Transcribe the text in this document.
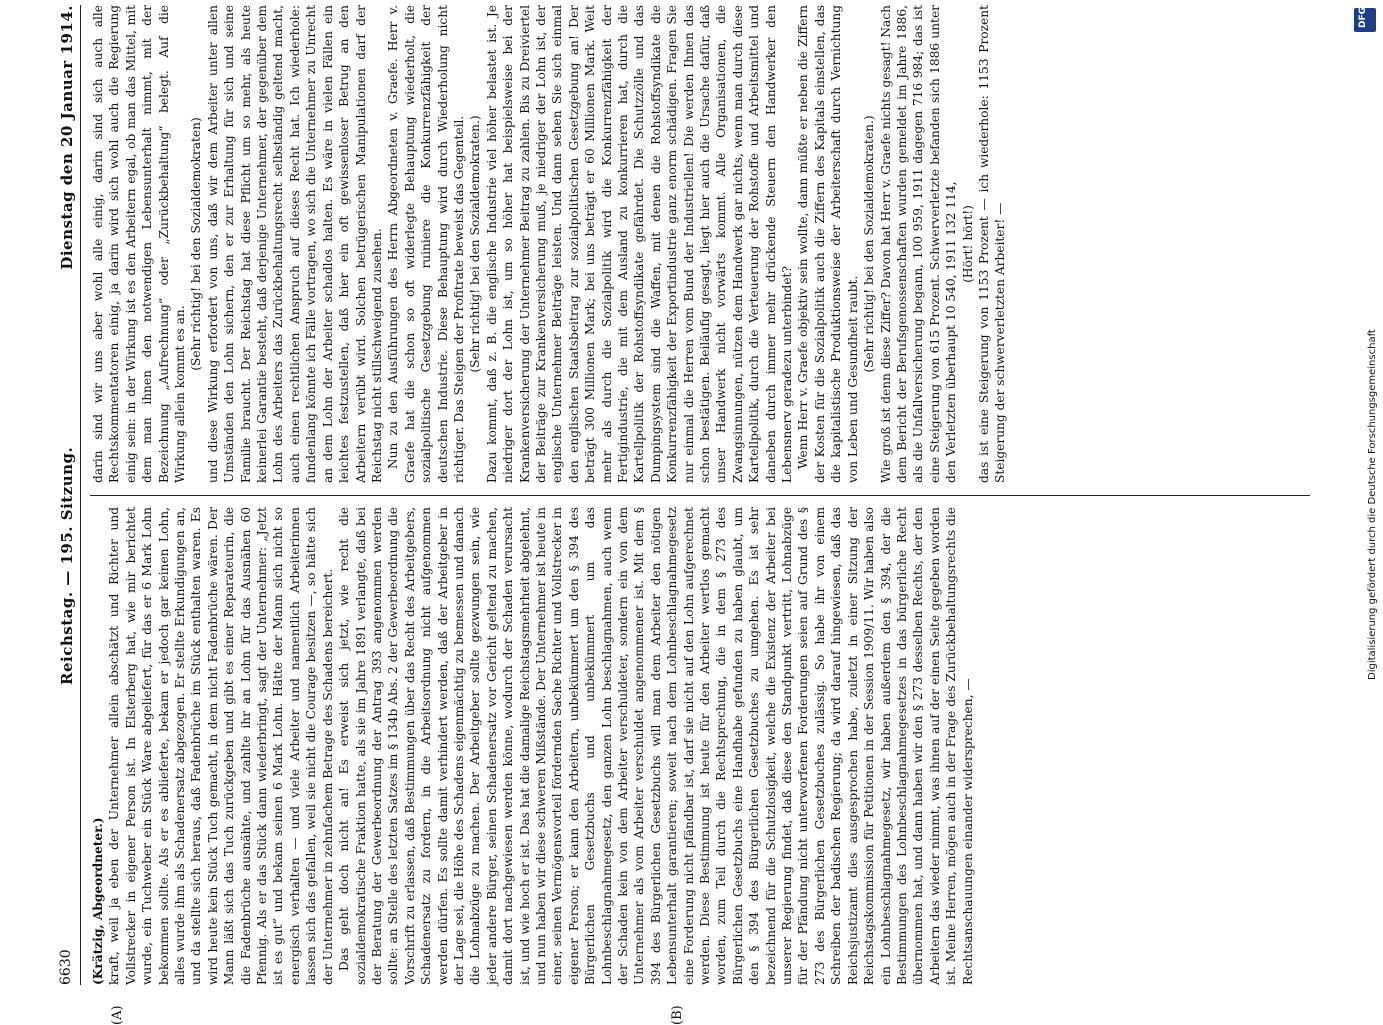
6630
Reichstag. — 195. Sitzung.
Dienstag den 20 Januar 1914.

(Krätzig, Abgeordneter.) kraft, weil ja eben der Unternehmer allein abschätzt und Richter und Vollstrecker in eigener Person ist. In Elsterberg hat, wie mir berichtet wurde, ein Tuchweber ein Stück Ware abgeliefert, für das er 6 Mark Lohn bekommen sollte. Als er es ablieferte, bekam er jedoch gar keinen Lohn, alles wurde ihm als Schadenersatz abgezogen. Er stellte Erkundigungen an, und da stellte sich heraus, daß Fadenbrüche im Stück enthalten waren. Es wird heute kein Stück Tuch gemacht, in dem nicht Fadenbrüche wären. Der Mann läßt sich das Tuch zurückgeben und gibt es einer Reparateurin, die die Fadenbrüche ausnähte, und zahlte ihr an Lohn für das Ausnähen 60 Pfennig. Als er das Stück dann wiederbringt, sagt der Unternehmer: „Jetzt ist es gut“ und bekam seinen 6 Mark Lohn. Hätte der Mann sich nicht so energisch verhalten — und viele Arbeiter und namentlich Arbeiterinnen lassen sich das gefallen, weil sie nicht die Courage besitzen —, so hätte sich der Unternehmer in zehnfachem Betrage des Schadens bereichert. Das geht doch nicht an! Es erweist sich jetzt, wie recht die sozialdemokratische Fraktion hatte, als sie im Jahre 1891 verlangte, daß bei der Beratung der Gewerbeordnung der Antrag 393 angenommen werden sollte: an Stelle des letzten Satzes im § 134b Abs. 2 der Gewerbeordnung die Vorschrift zu erlassen, daß Bestimmungen über das Recht des Arbeitgebers, Schadenersatz zu fordern, in die Arbeitsordnung nicht aufgenommen werden dürfen. Es sollte damit verhindert werden, daß der Arbeitgeber in der Lage sei, die Höhe des Schadens eigenmächtig zu bemessen und danach die Lohnabzüge zu machen. Der Arbeitgeber sollte gezwungen sein, wie jeder andere Bürger, seinen Schadenersatz vor Gericht geltend zu machen, damit dort nachgewiesen werden könne, wodurch der Schaden verursacht ist, und wie hoch er ist. Das hat die damalige Reichstagsmehrheit abgelehnt, und nun haben wir diese schweren Mißstände. Der Unternehmer ist heute in einer, seinen Vermögensvorteil fördernden Sache Richter und Vollstrecker in eigener Person; er kann den Arbeitern, unbekümmert um den § 394 des Bürgerlichen Gesetzbuchs und unbekümmert um das Lohnbeschlagnahmegesetz, den ganzen Lohn beschlagnahmen, auch wenn der Schaden kein von dem Arbeiter verschuldeter, sondern ein von dem Unternehmer als vom Arbeiter verschuldet angenommener ist. Mit dem § 394 des Bürgerlichen Gesetzbuchs will man dem Arbeiter den nötigen Lebensunterhalt garantieren; soweit nach dem Lohnbeschlagnahmegesetz eine Forderung nicht pfändbar ist, darf sie nicht auf den Lohn aufgerechnet werden. Diese Bestimmung ist heute für den Arbeiter wertlos gemacht worden, zum Teil durch die Rechtsprechung, die in dem § 273 des Bürgerlichen Gesetzbuchs eine Handhabe gefunden zu haben glaubt, um den § 394 des Bürgerlichen Gesetzbuches zu umgehen. Es ist sehr bezeichnend für die Schutzlosigkeit, welche die Existenz der Arbeiter bei unserer Regierung findet, daß diese den Standpunkt vertritt, Lohnabzüge für der Pfändung nicht unterworfenen Forderungen seien auf Grund des § 273 des Bürgerlichen Gesetzbuches zulässig. So habe ihr von einem Schreiben der badischen Regierung; da wird darauf hingewiesen, daß das Reichsjustizamt dies ausgesprochen habe, zuletzt in einer Sitzung der Reichstagskommission für Petitionen in der Session 1909/11. Wir haben also ein Lohnbeschlagnahmegesetz, wir haben außerdem den § 394, der die Bestimmungen des Lohnbeschlagnahmegesetzes in das bürgerliche Recht übernommen hat, und dann haben wir den § 273 desselben Rechts, der den Arbeitern das wieder nimmt, was ihnen auf der einen Seite gegeben worden ist. Meine Herren, mögen auch in der Frage des Zurückbehaltungsrechts die Rechtsanschauungen einander widersprechen, —

darin sind wir uns aber wohl alle einig, darin sind sich auch alle Rechtskommentatoren einig, ja darin wird sich wohl auch die Regierung einig sein: in der Wirkung ist es den Arbeitern egal, ob man das Mittel, mit dem man ihnen den notwendigen Lebensunterhalt nimmt, mit der Bezeichnung „Aufrechnung“ oder „Zurückbehaltung“ belegt. Auf die Wirkung allein kommt es an.

(Sehr richtig! bei den Sozialdemokraten) und diese Wirkung erfordert von uns, daß wir dem Arbeiter unter allen Umständen den Lohn sichern, den er zur Erhaltung für sich und seine Familie braucht. Der Reichstag hat diese Pflicht um so mehr, als heute keinerlei Garantie besteht, daß derjenige Unternehmer, der gegenüber dem Lohn des Arbeiters das Zurückbehaltungsrecht selbständig geltend macht, auch einen rechtlichen Anspruch auf dieses Recht hat. Ich wiederhole: fundenlang könnte ich Fälle vortragen, wo sich die Unternehmer zu Unrecht an dem Lohn der Arbeiter schadlos halten. Es wäre in vielen Fällen ein leichtes festzustellen, daß hier ein oft gewissenloser Betrug an den Arbeitern verübt wird. Solchen betrügerischen Manipulationen darf der Reichstag nicht stillschweigend zusehen. Nun zu den Ausführungen des Herrn Abgeordneten v. Graefe. Herr v. Graefe hat die schon so oft widerlegte Behauptung wiederholt, die sozialpolitische Gesetzgebung ruiniere die Konkurrenzfähigkeit der deutschen Industrie. Diese Behauptung wird durch Wiederholung nicht richtiger. Das Steigen der Profitrate beweist das Gegenteil. (Sehr richtig! bei den Sozialdemokraten.) Dazu kommt, daß z. B. die englische Industrie viel höher belastet ist. Je niedriger dort der Lohn ist, um so höher hat beispielsweise bei der Krankenversicherung der Unternehmer Beitrag zu zahlen. Bis zu Dreiviertel der Beiträge zur Krankenversicherung muß, je niedriger der Lohn ist, der englische Unternehmer Beiträge leisten. Und dann sehen Sie sich einmal den englischen Staatsbeitrag zur sozialpolitischen Gesetzgebung an! Der beträgt 300 Millionen Mark; bei uns beträgt er 60 Millionen Mark. Weit mehr als durch die Sozialpolitik wird die Konkurrenzfähigkeit der Fertigindustrie, die mit dem Ausland zu konkurrieren hat, durch die Kartellpolitik der Rohstoffsyndikate gefährdet. Die Schutzzölle und das Dumpingsystem sind die Waffen, mit denen die Rohstoffsyndikate die Konkurrenzfähigkeit der Exportindustrie ganz enorm schädigen. Fragen Sie nur einmal die Herren vom Bund der Industriellen! Die werden Ihnen das schon bestätigen. Beiläufig gesagt, liegt hier auch die Ursache dafür, daß unser Handwerk nicht vorwärts kommt. Alle Organisationen, die Zwangsinnungen, nützen dem Handwerk gar nichts, wenn man durch diese Kartellpolitik, durch die Verteuerung der Rohstoffe und Arbeitsmittel und daneben durch immer mehr drückende Steuern den Handwerker den Lebensnerv geradezu unterbindet? Wenn Herr v. Graefe objektiv sein wollte, dann müßte er neben die Ziffern der Kosten für die Sozialpolitik auch die Ziffern des Kapitals einstellen, das die kapitalistische Produktionsweise der Arbeiterschaft durch Vernichtung von Leben und Gesundheit raubt.

(Sehr richtig! bei den Sozialdemokraten.) Wie groß ist denn diese Ziffer? Davon hat Herr v. Graefe nichts gesagt! Nach dem Bericht der Berufsgenossenschaften wurden gemeldet im Jahre 1886, als die Unfallversicherung begann, 100 959, 1911 dagegen 716 984; das ist eine Steigerung von 615 Prozent. Schwerverletzte befanden sich 1886 unter den Verletzten überhaupt 10 540, 1911 132 114, (Hört! hört!) das ist eine Steigerung von 1153 Prozent — ich wiederhole: 1153 Prozent Steigerung der schwerverletzten Arbeiter! —

(A)	(B)
Digitalisierung gefördert durch die Deutsche Forschungsgemeinschaft
DFG
